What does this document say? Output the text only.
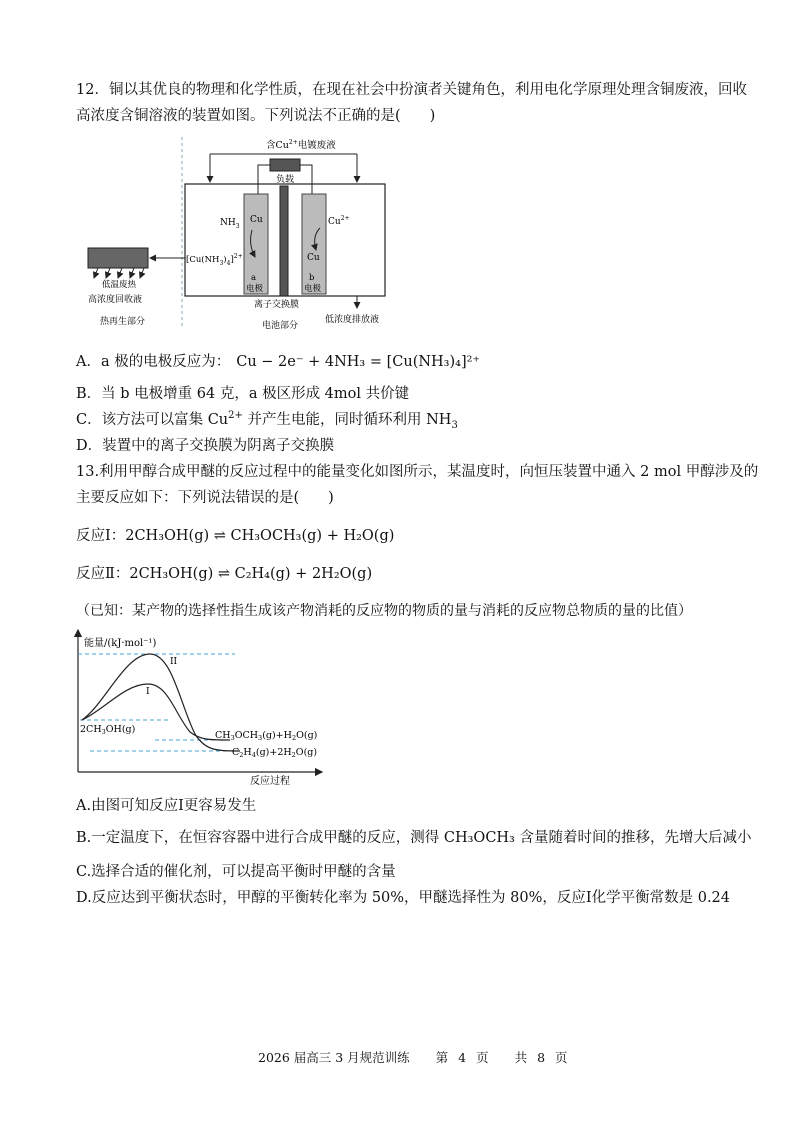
12．铜以其优良的物理和化学性质，在现在社会中扮演者关键角色，利用电化学原理处理含铜废液，回收
高浓度含铜溶液的装置如图。下列说法不正确的是(　　)
含$Cu^{2+}$电镀废液
负载
Cu
$NH_3$
$[Cu(NH_3)_4]^{2+}$
a
电极
$Cu^{2+}$
Cu
b
电极
离子交换膜
电池部分
低浓度排放液
低温废热
高浓度回收液
热再生部分
A．a 极的电极反应为： Cu − 2e⁻ + 4NH₃ = [Cu(NH₃)₄]²⁺
B．当 b 电极增重 64 克，a 极区形成 4mol 共价键
C．该方法可以富集 $Cu^{2+}$ 并产生电能，同时循环利用 $NH_3$
D．装置中的离子交换膜为阴离子交换膜
13.利用甲醇合成甲醚的反应过程中的能量变化如图所示，某温度时，向恒压装置中通入 2 mol 甲醇涉及的
主要反应如下：下列说法错误的是(　　)
反应Ⅰ：2CH₃OH(g) ⇌ CH₃OCH₃(g) + H₂O(g)
反应Ⅱ：2CH₃OH(g) ⇌ C₂H₄(g) + 2H₂O(g)
（已知：某产物的选择性指生成该产物消耗的反应物的物质的量与消耗的反应物总物质的量的比值）
能量/(kJ·mol⁻¹)
反应过程
II
I
$2CH_3OH(g)$
$CH_3OCH_3(g)+H_2O(g)$
$C_2H_4(g)+2H_2O(g)$
A.由图可知反应Ⅰ更容易发生
B.一定温度下，在恒容容器中进行合成甲醚的反应，测得 CH₃OCH₃ 含量随着时间的推移，先增大后减小
C.选择合适的催化剂，可以提高平衡时甲醚的含量
D.反应达到平衡状态时，甲醇的平衡转化率为 50%，甲醚选择性为 80%，反应Ⅰ化学平衡常数是 0.24
2026 届高三 3 月规范训练 第 4 页 共 8 页
